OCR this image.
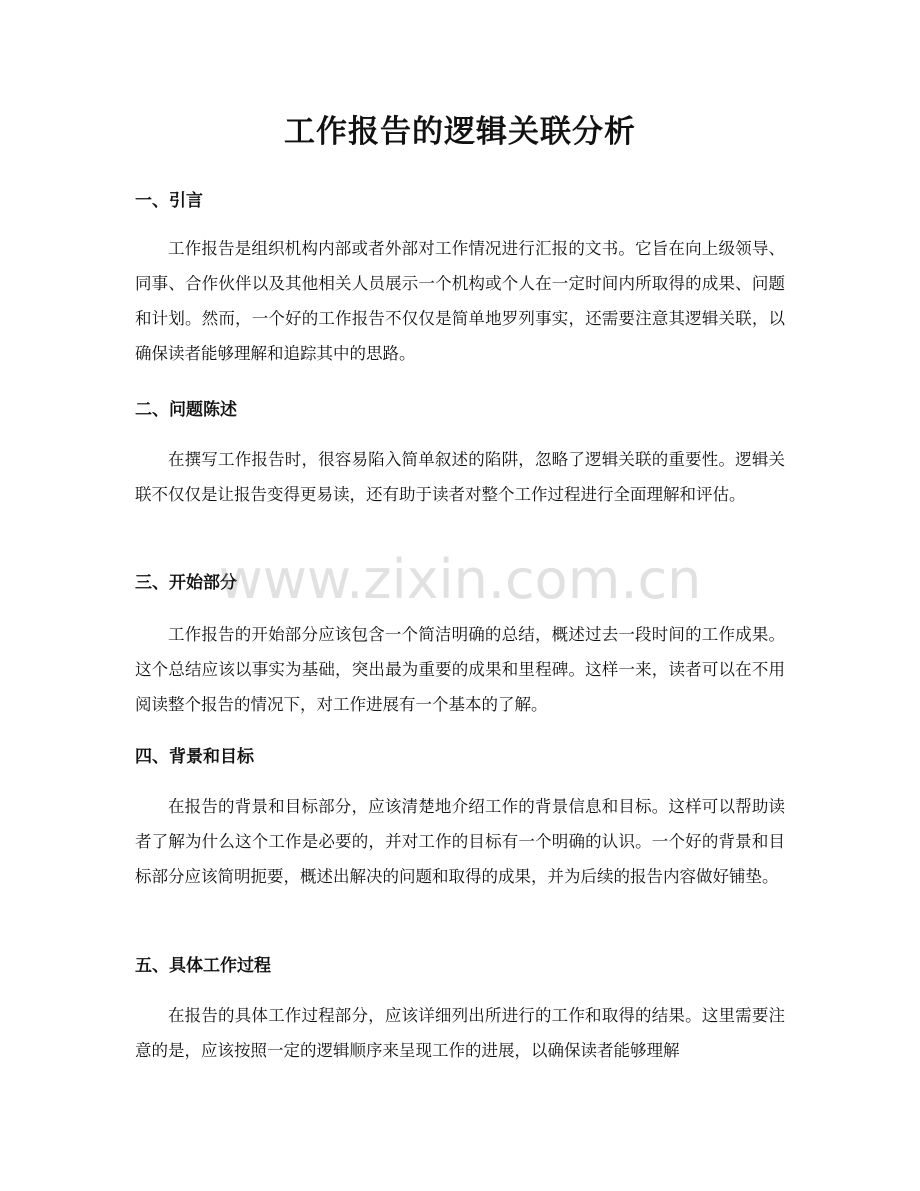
工作报告的逻辑关联分析
一、引言

工作报告是组织机构内部或者外部对工作情况进行汇报的文书。它旨在向上级领导、同事、合作伙伴以及其他相关人员展示一个机构或个人在一定时间内所取得的成果、问题和计划。然而，一个好的工作报告不仅仅是简单地罗列事实，还需要注意其逻辑关联，以确保读者能够理解和追踪其中的思路。

二、问题陈述

在撰写工作报告时，很容易陷入简单叙述的陷阱，忽略了逻辑关联的重要性。逻辑关联不仅仅是让报告变得更易读，还有助于读者对整个工作过程进行全面理解和评估。

三、开始部分

工作报告的开始部分应该包含一个简洁明确的总结，概述过去一段时间的工作成果。这个总结应该以事实为基础，突出最为重要的成果和里程碑。这样一来，读者可以在不用阅读整个报告的情况下，对工作进展有一个基本的了解。

四、背景和目标

在报告的背景和目标部分，应该清楚地介绍工作的背景信息和目标。这样可以帮助读者了解为什么这个工作是必要的，并对工作的目标有一个明确的认识。一个好的背景和目标部分应该简明扼要，概述出解决的问题和取得的成果，并为后续的报告内容做好铺垫。

五、具体工作过程

在报告的具体工作过程部分，应该详细列出所进行的工作和取得的结果。这里需要注意的是，应该按照一定的逻辑顺序来呈现工作的进展，以确保读者能够理解

www.zixin.com.cn
